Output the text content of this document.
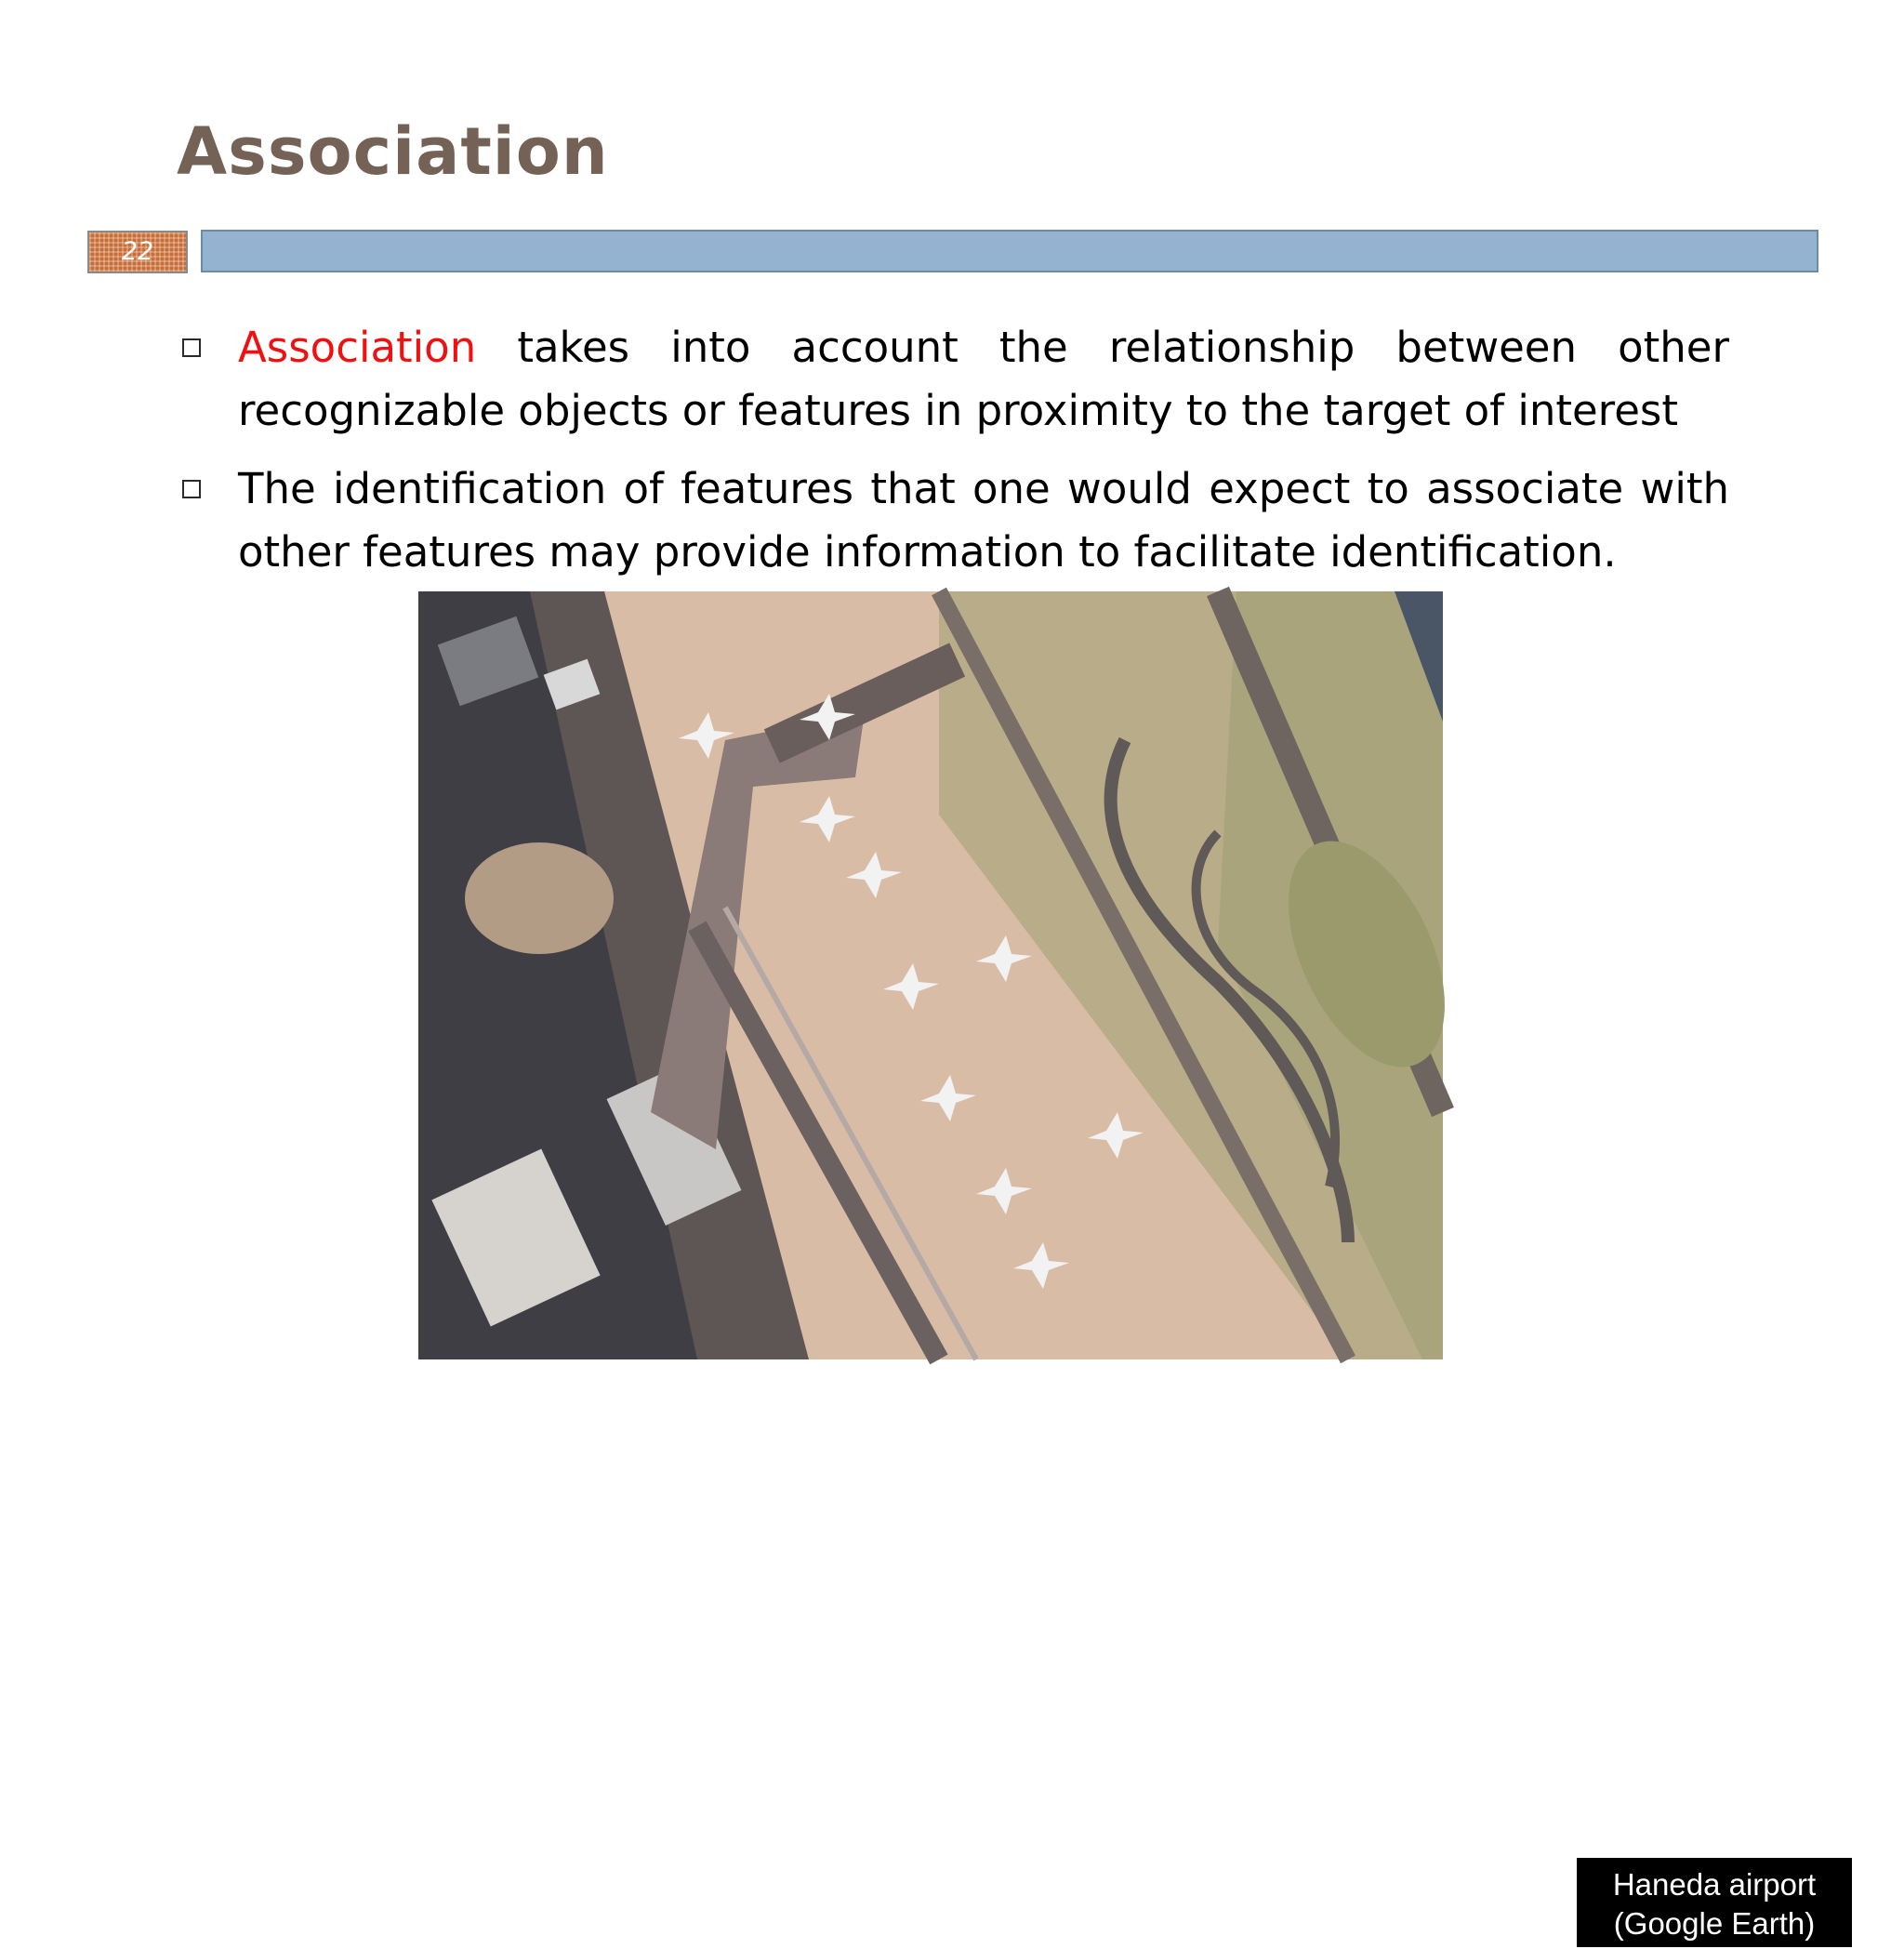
Association
22
Association takes into account the relationship between other recognizable objects or features in proximity to the target of interest
The identification of features that one would expect to associate with other features may provide information to facilitate identification.
Haneda airport
(Google Earth)
